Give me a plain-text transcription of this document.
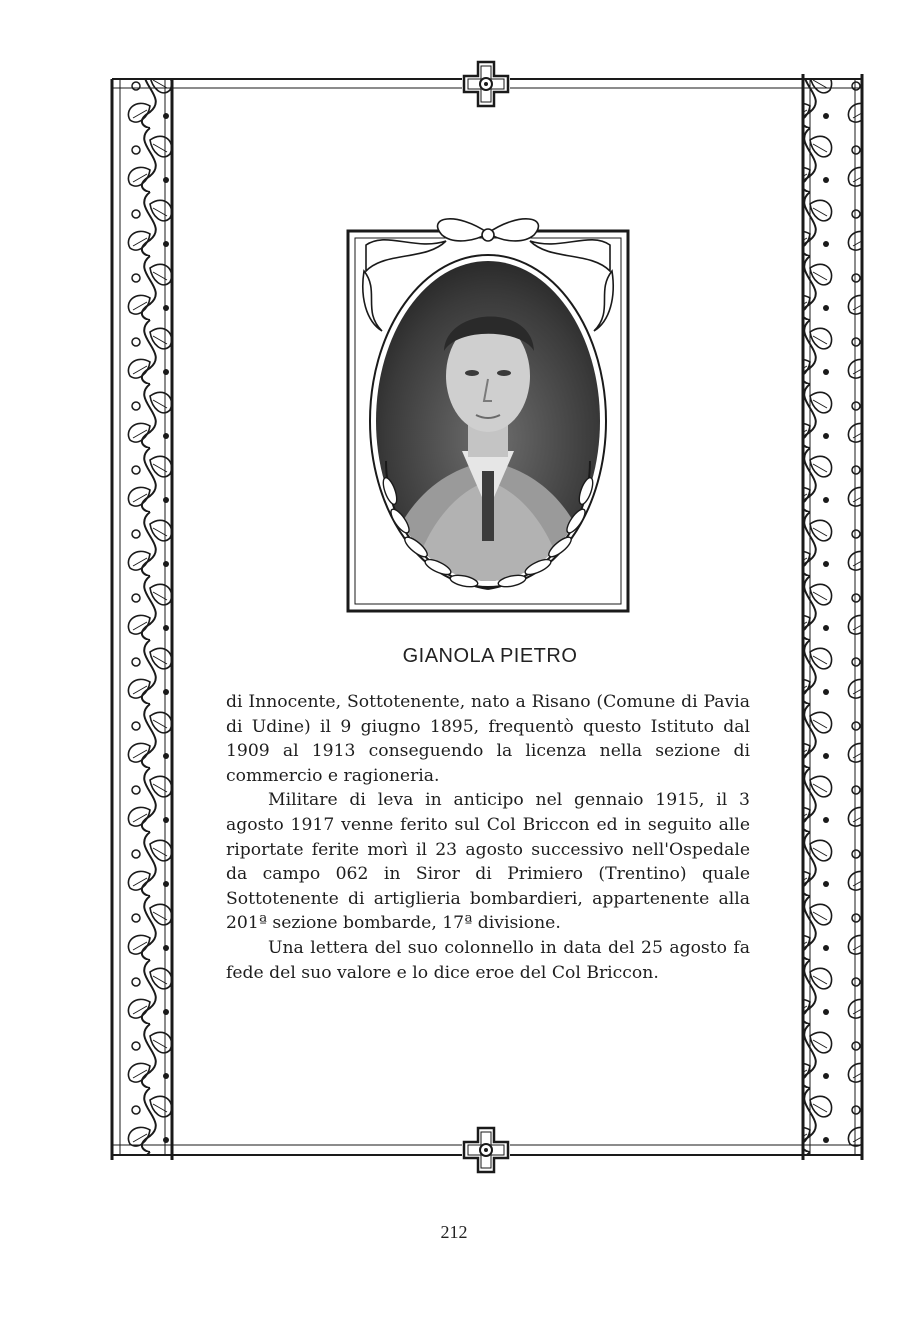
GIANOLA PIETRO

di Innocente, Sottotenente, nato a Risano (Comune di Pavia di Udine) il 9 giugno 1895, frequentò questo Istituto dal 1909 al 1913 conseguendo la licenza nella sezione di commercio e ragioneria.

Militare di leva in anticipo nel gennaio 1915, il 3 agosto 1917 venne ferito sul Col Briccon ed in seguito alle riportate ferite morì il 23 agosto successivo nell'Ospedale da campo 062 in Siror di Primiero (Trentino) quale Sottotenente di artiglieria bombardieri, appartenente alla 201ª sezione bombarde, 17ª divisione.

Una lettera del suo colonnello in data del 25 agosto fa fede del suo valore e lo dice eroe del Col Briccon.

212
